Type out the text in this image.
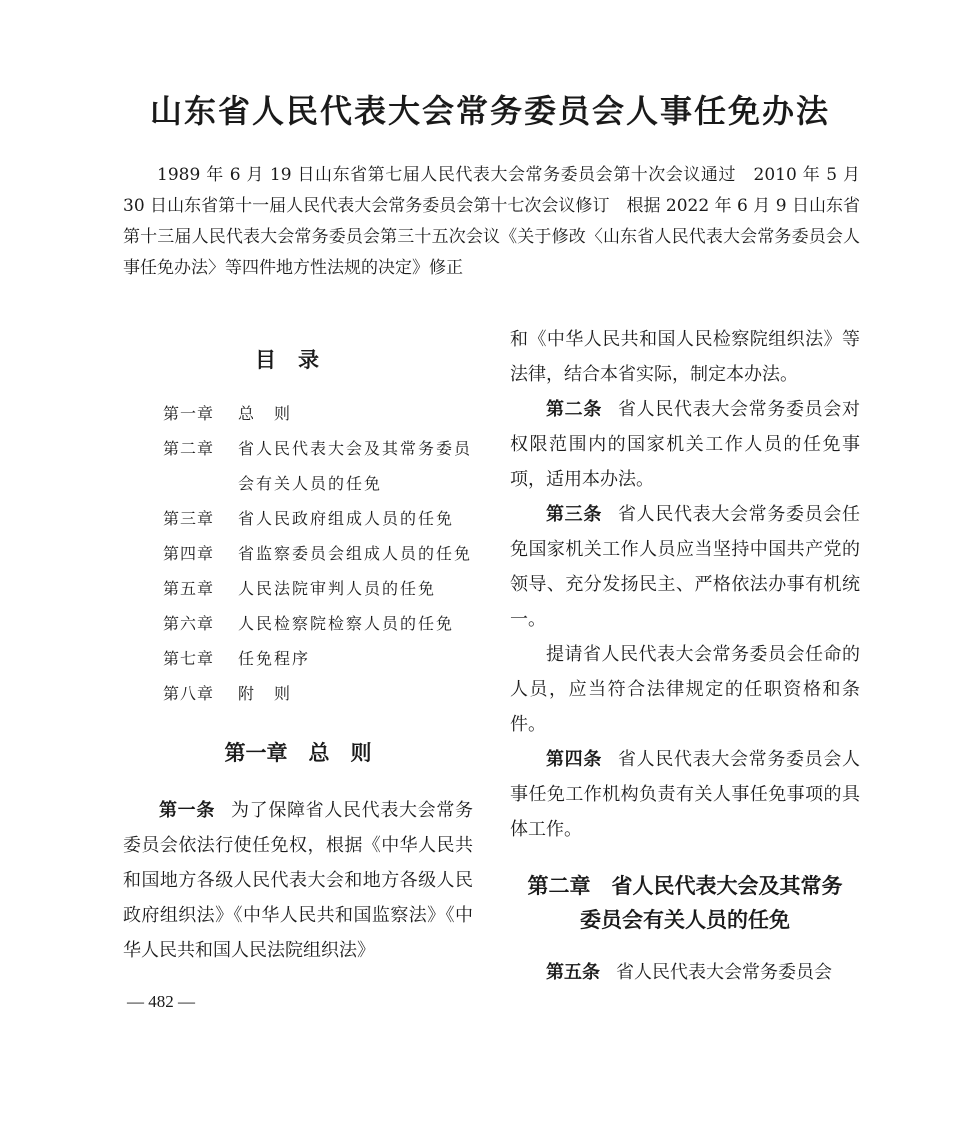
山东省人民代表大会常务委员会人事任免办法

1989 年 6 月 19 日山东省第七届人民代表大会常务委员会第十次会议通过　2010 年 5 月 30 日山东省第十一届人民代表大会常务委员会第十七次会议修订　根据 2022 年 6 月 9 日山东省第十三届人民代表大会常务委员会第三十五次会议《关于修改〈山东省人民代表大会常务委员会人事任免办法〉等四件地方性法规的决定》修正

目录
第一章	总　则
第二章	省人民代表大会及其常务委员会有关人员的任免
第三章	省人民政府组成人员的任免
第四章	省监察委员会组成人员的任免
第五章	人民法院审判人员的任免
第六章	人民检察院检察人员的任免
第七章	任免程序
第八章	附　则
第一章　总　则

第一条 为了保障省人民代表大会常务委员会依法行使任免权，根据《中华人民共和国地方各级人民代表大会和地方各级人民政府组织法》《中华人民共和国监察法》《中华人民共和国人民法院组织法》

和《中华人民共和国人民检察院组织法》等法律，结合本省实际，制定本办法。

第二条 省人民代表大会常务委员会对权限范围内的国家机关工作人员的任免事项，适用本办法。

第三条 省人民代表大会常务委员会任免国家机关工作人员应当坚持中国共产党的领导、充分发扬民主、严格依法办事有机统一。

提请省人民代表大会常务委员会任命的人员，应当符合法律规定的任职资格和条件。

第四条 省人民代表大会常务委员会人事任免工作机构负责有关人事任免事项的具体工作。

第二章　省人民代表大会及其常务
委员会有关人员的任免

第五条 省人民代表大会常务委员会

— 482 —
